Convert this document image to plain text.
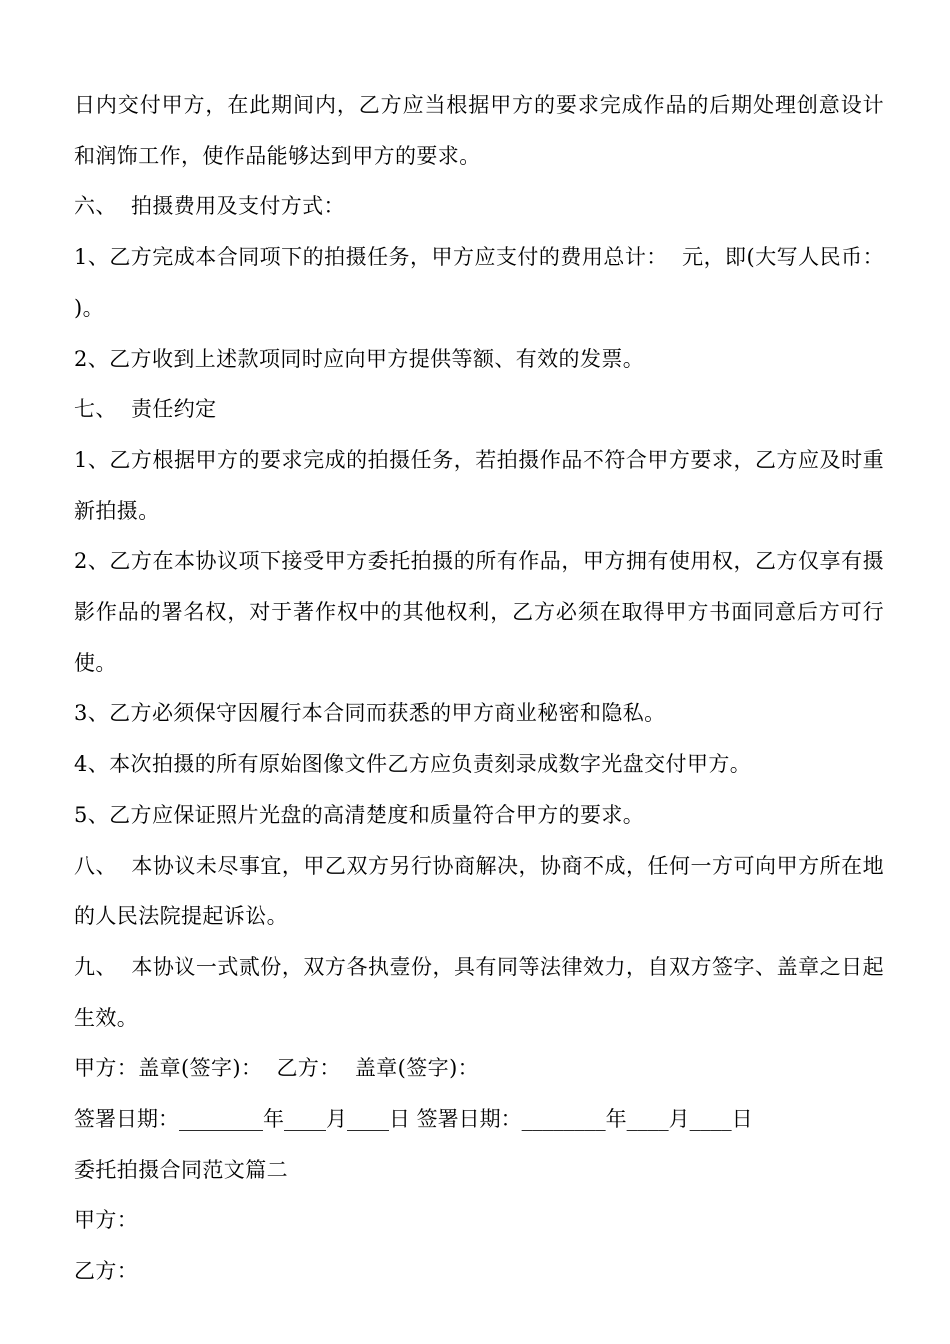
日内交付甲方，在此期间内，乙方应当根据甲方的要求完成作品的后期处理创意设计和润饰工作，使作品能够达到甲方的要求。

六、  拍摄费用及支付方式：

1、乙方完成本合同项下的拍摄任务，甲方应支付的费用总计：  元，即(大写人民币：  )。

2、乙方收到上述款项同时应向甲方提供等额、有效的发票。

七、  责任约定

1、乙方根据甲方的要求完成的拍摄任务，若拍摄作品不符合甲方要求，乙方应及时重新拍摄。

2、乙方在本协议项下接受甲方委托拍摄的所有作品，甲方拥有使用权，乙方仅享有摄影作品的署名权，对于著作权中的其他权利，乙方必须在取得甲方书面同意后方可行使。

3、乙方必须保守因履行本合同而获悉的甲方商业秘密和隐私。

4、本次拍摄的所有原始图像文件乙方应负责刻录成数字光盘交付甲方。

5、乙方应保证照片光盘的高清楚度和质量符合甲方的要求。

八、  本协议未尽事宜，甲乙双方另行协商解决，协商不成，任何一方可向甲方所在地的人民法院提起诉讼。

九、  本协议一式贰份，双方各执壹份，具有同等法律效力，自双方签字、盖章之日起生效。

甲方：盖章(签字)：  乙方：  盖章(签字)：

签署日期：________年____月____日 签署日期：________年____月____日

委托拍摄合同范文篇二

甲方：

乙方：
